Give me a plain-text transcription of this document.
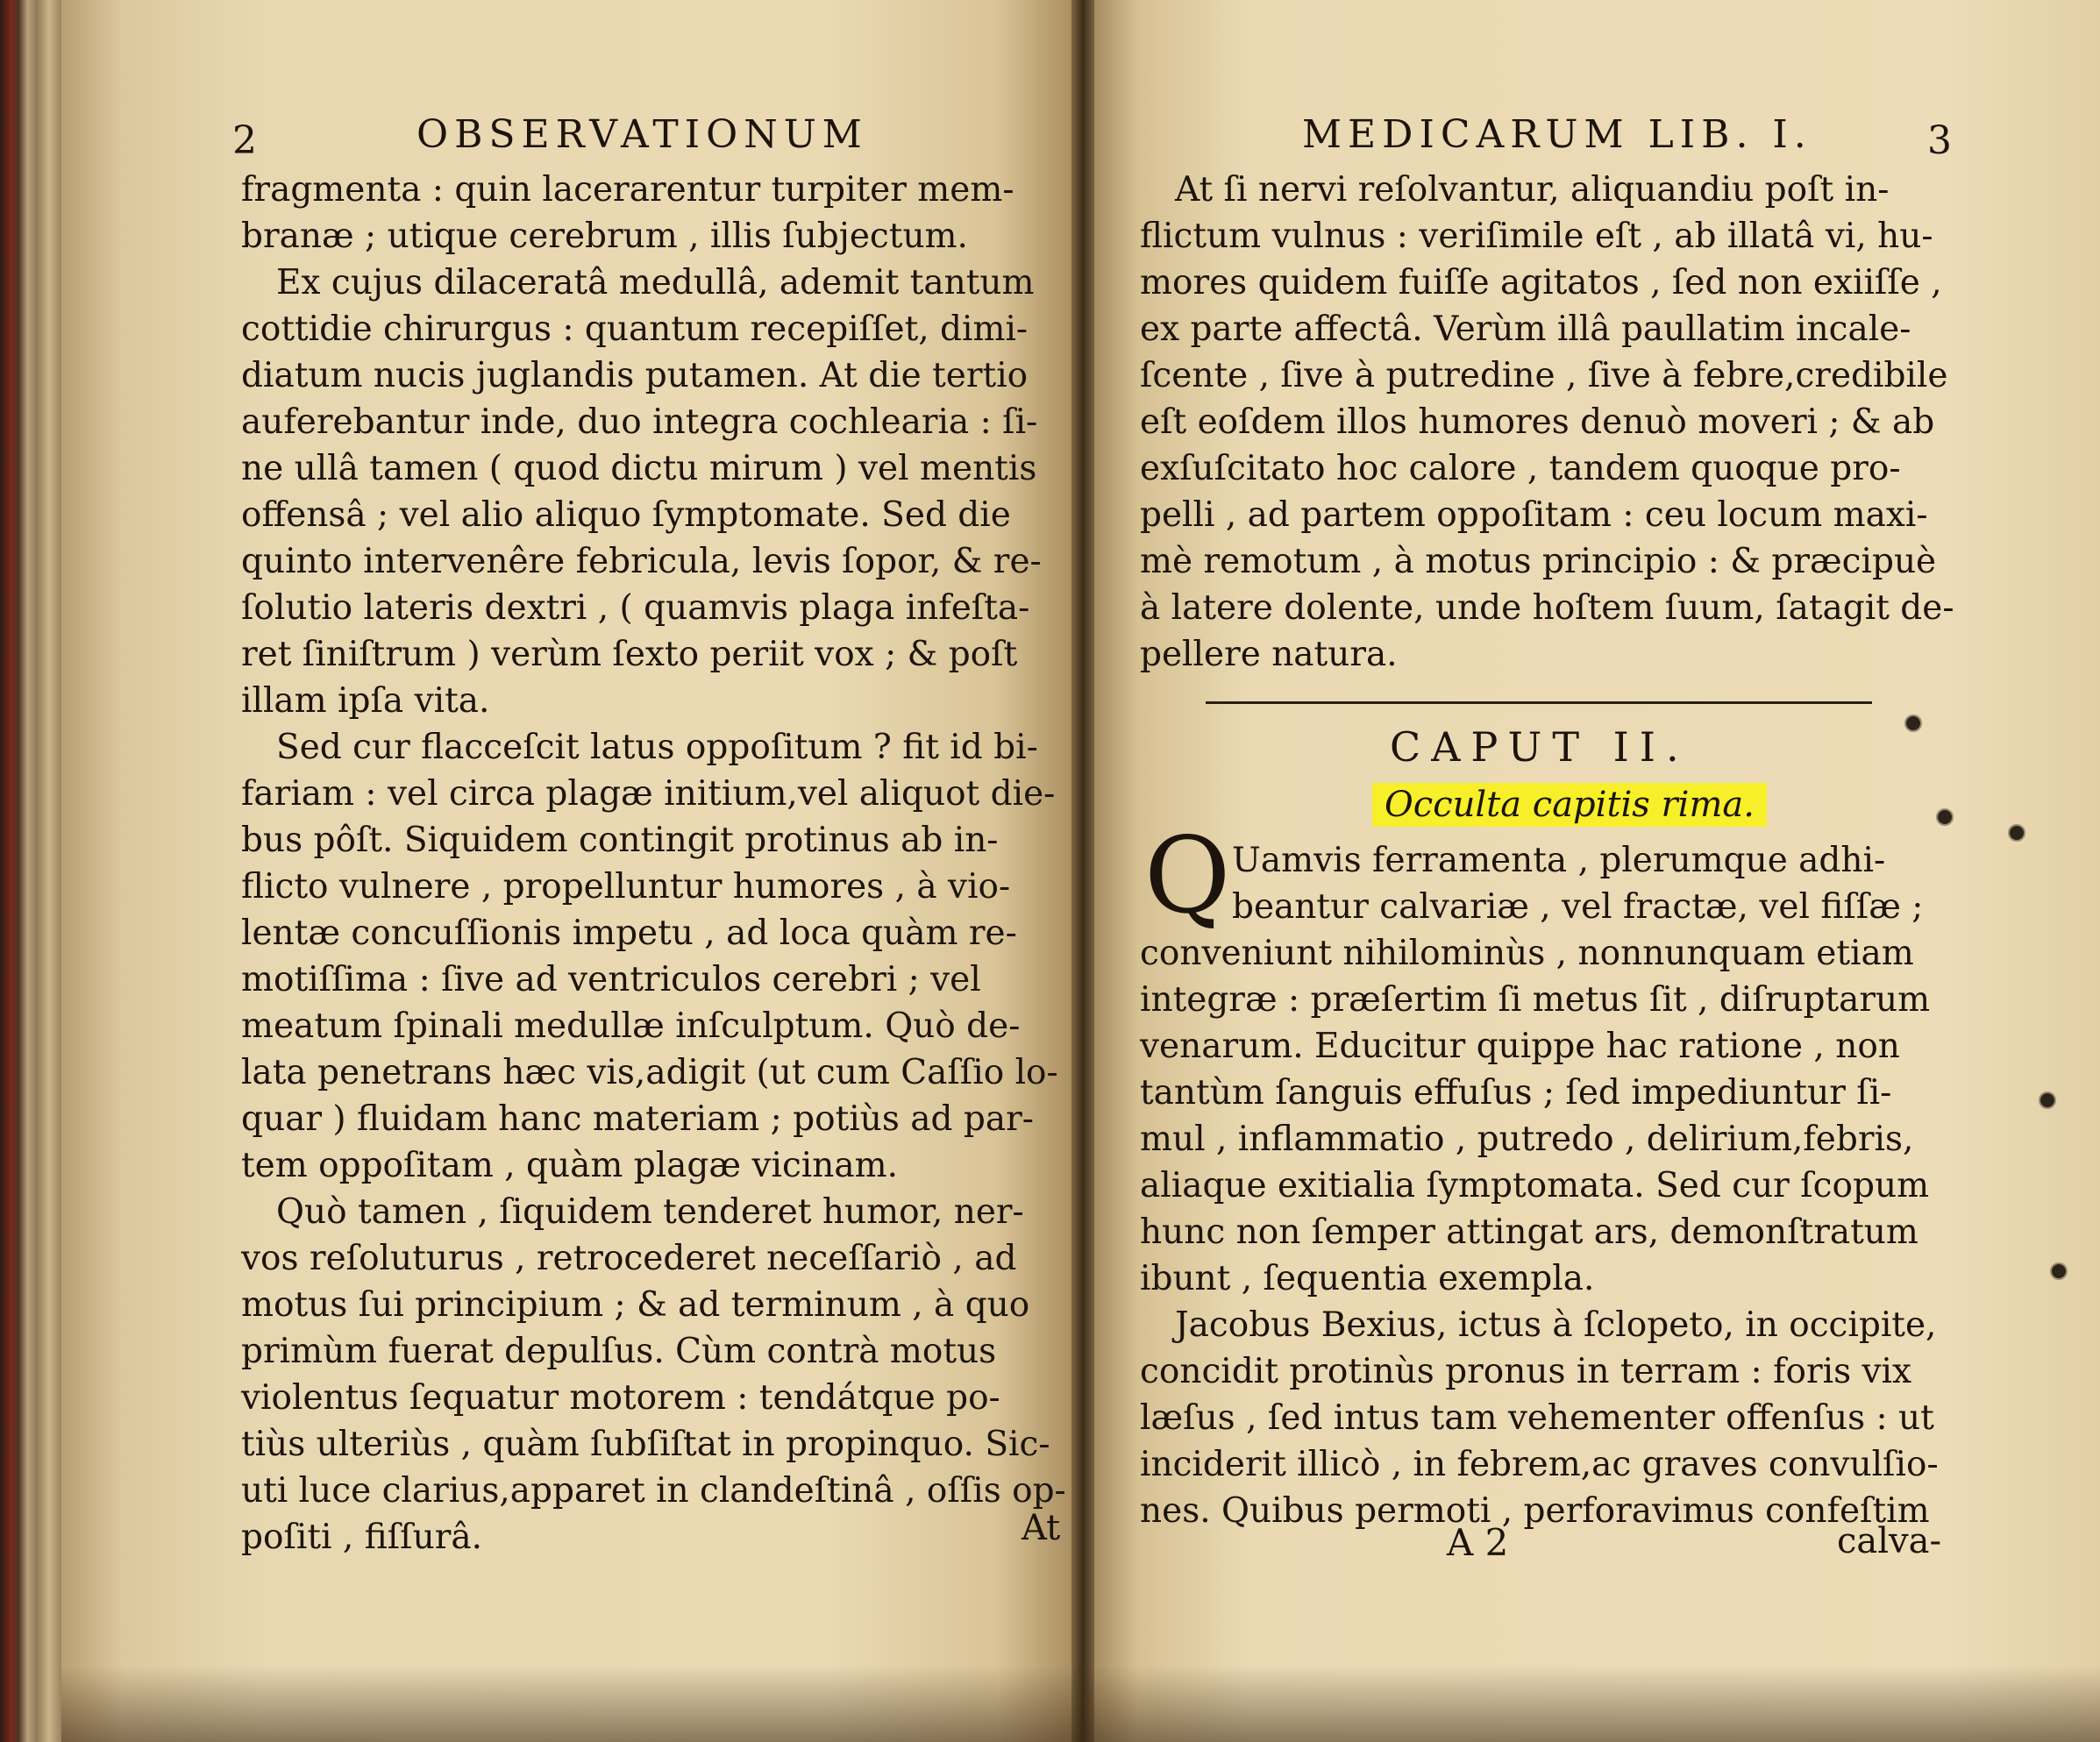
2	OBSERVATIONUM
fragmenta : quin lacerarentur turpiter mem-
branæ ; utique cerebrum , illis ſubjectum.
Ex cujus dilaceratâ medullâ, ademit tantum
cottidie chirurgus : quantum recepiſſet, dimi-
diatum nucis juglandis putamen. At die tertio
auferebantur inde, duo integra cochlearia : ſi-
ne ullâ tamen ( quod dictu mirum ) vel mentis
offensâ ; vel alio aliquo ſymptomate. Sed die
quinto intervenêre febricula, levis ſopor, & re-
ſolutio lateris dextri , ( quamvis plaga infeſta-
ret ſiniſtrum ) verùm ſexto periit vox ; & poſt
illam ipſa vita.
Sed cur flacceſcit latus oppoſitum ? fit id bi-
fariam : vel circa plagæ initium,vel aliquot die-
bus pôſt. Siquidem contingit protinus ab in-
flicto vulnere , propelluntur humores , à vio-
lentæ concuſſionis impetu , ad loca quàm re-
motiſſima : ſive ad ventriculos cerebri ; vel
meatum ſpinali medullæ inſculptum. Quò de-
lata penetrans hæc vis,adigit (ut cum Caſſio lo-
quar ) fluidam hanc materiam ; potiùs ad par-
tem oppoſitam , quàm plagæ vicinam.
Quò tamen , ſiquidem tenderet humor, ner-
vos reſoluturus , retrocederet neceſſariò , ad
motus ſui principium ; & ad terminum , à quo
primùm fuerat depulſus. Cùm contrà motus
violentus ſequatur motorem : tendátque po-
tiùs ulteriùs , quàm ſubſiſtat in propinquo. Sic-
uti luce clarius,apparet in clandeſtinâ , oſſis op-
poſiti , fiſſurâ.	At
MEDICARUM LIB. I.	3
At ſi nervi reſolvantur, aliquandiu poſt in-
flictum vulnus : veriſimile eſt , ab illatâ vi, hu-
mores quidem fuiſſe agitatos , ſed non exiiſſe ,
ex parte affectâ. Verùm illâ paullatim incale-
ſcente , ſive à putredine , ſive à febre,credibile
eſt eoſdem illos humores denuò moveri ; & ab
exſuſcitato hoc calore , tandem quoque pro-
pelli , ad partem oppoſitam : ceu locum maxi-
mè remotum , à motus principio : & præcipuè
à latere dolente, unde hoſtem ſuum, ſatagit de-
pellere natura.
CAPUT II.
Occulta capitis rima.
Q Uamvis ferramenta , plerumque adhi-
beantur calvariæ , vel fractæ, vel fiſſæ ;
conveniunt nihilominùs , nonnunquam etiam
integræ : præſertim ſi metus ſit , diſruptarum
venarum. Educitur quippe hac ratione , non
tantùm ſanguis effuſus ; ſed impediuntur ſi-
mul , inflammatio , putredo , delirium,febris,
aliaque exitialia ſymptomata. Sed cur ſcopum
hunc non ſemper attingat ars, demonſtratum
ibunt , ſequentia exempla.
Jacobus Bexius, ictus à ſclopeto, in occipite,
concidit protinùs pronus in terram : foris vix
læſus , ſed intus tam vehementer offenſus : ut
inciderit illicò , in febrem,ac graves convulſio-
nes. Quibus permoti , perforavimus confeſtim
A 2	calva-
